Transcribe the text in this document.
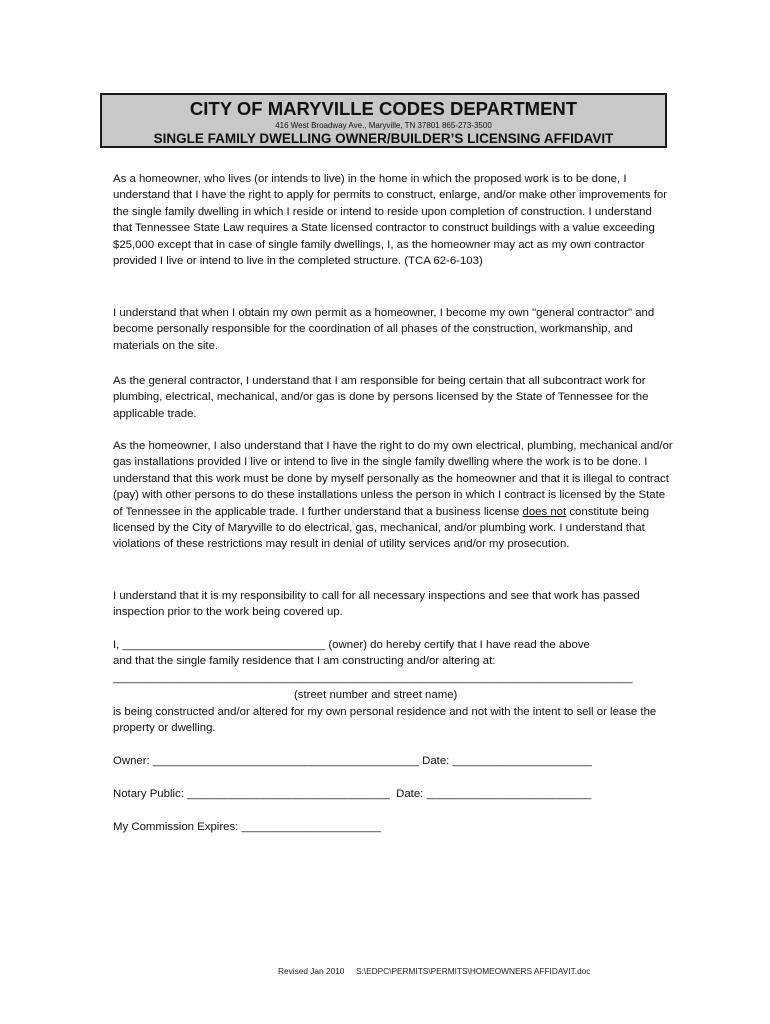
CITY OF MARYVILLE CODES DEPARTMENT
416 West Broadway Ave., Maryville, TN 37801 865-273-3500
SINGLE FAMILY DWELLING OWNER/BUILDER’S LICENSING AFFIDAVIT

As a homeowner, who lives (or intends to live) in the home in which the proposed work is to be done, I understand that I have the right to apply for permits to construct, enlarge, and/or make other improvements for the single family dwelling in which I reside or intend to reside upon completion of construction. I understand that Tennessee State Law requires a State licensed contractor to construct buildings with a value exceeding $25,000 except that in case of single family dwellings, I, as the homeowner may act as my own contractor provided I live or intend to live in the completed structure. (TCA 62-6-103)

I understand that when I obtain my own permit as a homeowner, I become my own "general contractor" and become personally responsible for the coordination of all phases of the construction, workmanship, and materials on the site.

As the general contractor, I understand that I am responsible for being certain that all subcontract work for plumbing, electrical, mechanical, and/or gas is done by persons licensed by the State of Tennessee for the applicable trade.

As the homeowner, I also understand that I have the right to do my own electrical, plumbing, mechanical and/or gas installations provided I live or intend to live in the single family dwelling where the work is to be done. I understand that this work must be done by myself personally as the homeowner and that it is illegal to contract (pay) with other persons to do these installations unless the person in which I contract is licensed by the State of Tennessee in the applicable trade. I further understand that a business license does not constitute being licensed by the City of Maryville to do electrical, gas, mechanical, and/or plumbing work. I understand that violations of these restrictions may result in denial of utility services and/or my prosecution.

I understand that it is my responsibility to call for all necessary inspections and see that work has passed inspection prior to the work being covered up.

I, ________________________________ (owner) do hereby certify that I have read the above

and that the single family residence that I am constructing and/or altering at:

__________________________________________________________________________________

(street number and street name)

is being constructed and/or altered for my own personal residence and not with the intent to sell or lease the property or dwelling.

Owner: __________________________________________ Date: ______________________

Notary Public: ________________________________  Date: __________________________

My Commission Expires: ______________________

Revised Jan 2010     S:\EDPC\PERMITS\PERMITS\HOMEOWNERS AFFIDAVIT.doc
